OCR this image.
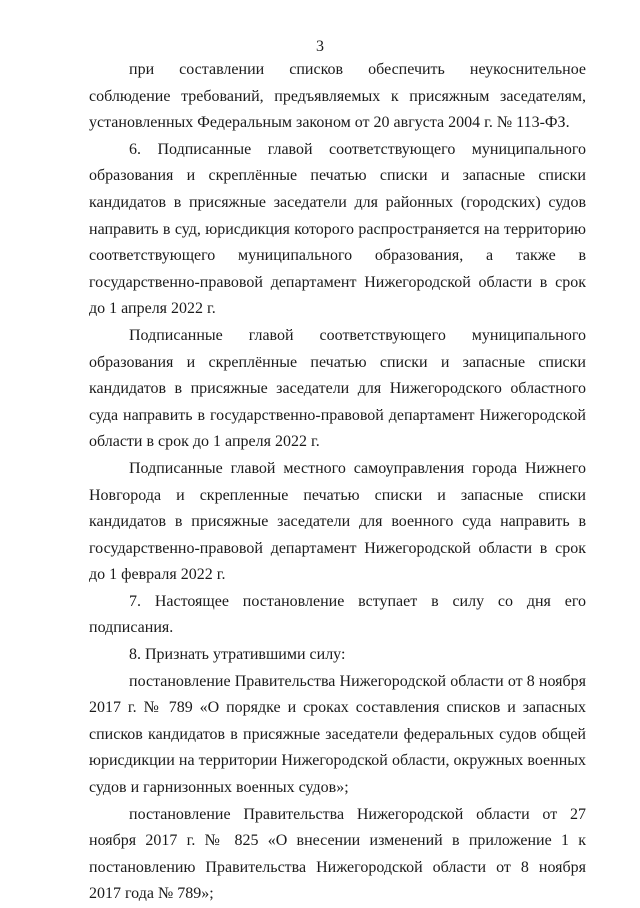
3

при составлении списков обеспечить неукоснительное соблюдение требований, предъявляемых к присяжным заседателям, установленных Федеральным законом от 20 августа 2004 г. № 113-ФЗ.

6. Подписанные главой соответствующего муниципального образования и скреплённые печатью списки и запасные списки кандидатов в присяжные заседатели для районных (городских) судов направить в суд, юрисдикция которого распространяется на территорию соответствующего муниципального образования, а также в государственно-правовой департамент Нижегородской области в срок до 1 апреля 2022 г.

Подписанные главой соответствующего муниципального образования и скреплённые печатью списки и запасные списки кандидатов в присяжные заседатели для Нижегородского областного суда направить в государственно-правовой департамент Нижегородской области в срок до 1 апреля 2022 г.

Подписанные главой местного самоуправления города Нижнего Новгорода и скрепленные печатью списки и запасные списки кандидатов в присяжные заседатели для военного суда направить в государственно-правовой департамент Нижегородской области в срок до 1 февраля 2022 г.

7. Настоящее постановление вступает в силу со дня его подписания.

8. Признать утратившими силу:

постановление Правительства Нижегородской области от 8 ноября 2017 г. № 789 «О порядке и сроках составления списков и запасных списков кандидатов в присяжные заседатели федеральных судов общей юрисдикции на территории Нижегородской области, окружных военных судов и гарнизонных военных судов»;

постановление Правительства Нижегородской области от 27 ноября 2017 г. № 825 «О внесении изменений в приложение 1 к постановлению Правительства Нижегородской области от 8 ноября 2017 года № 789»;
